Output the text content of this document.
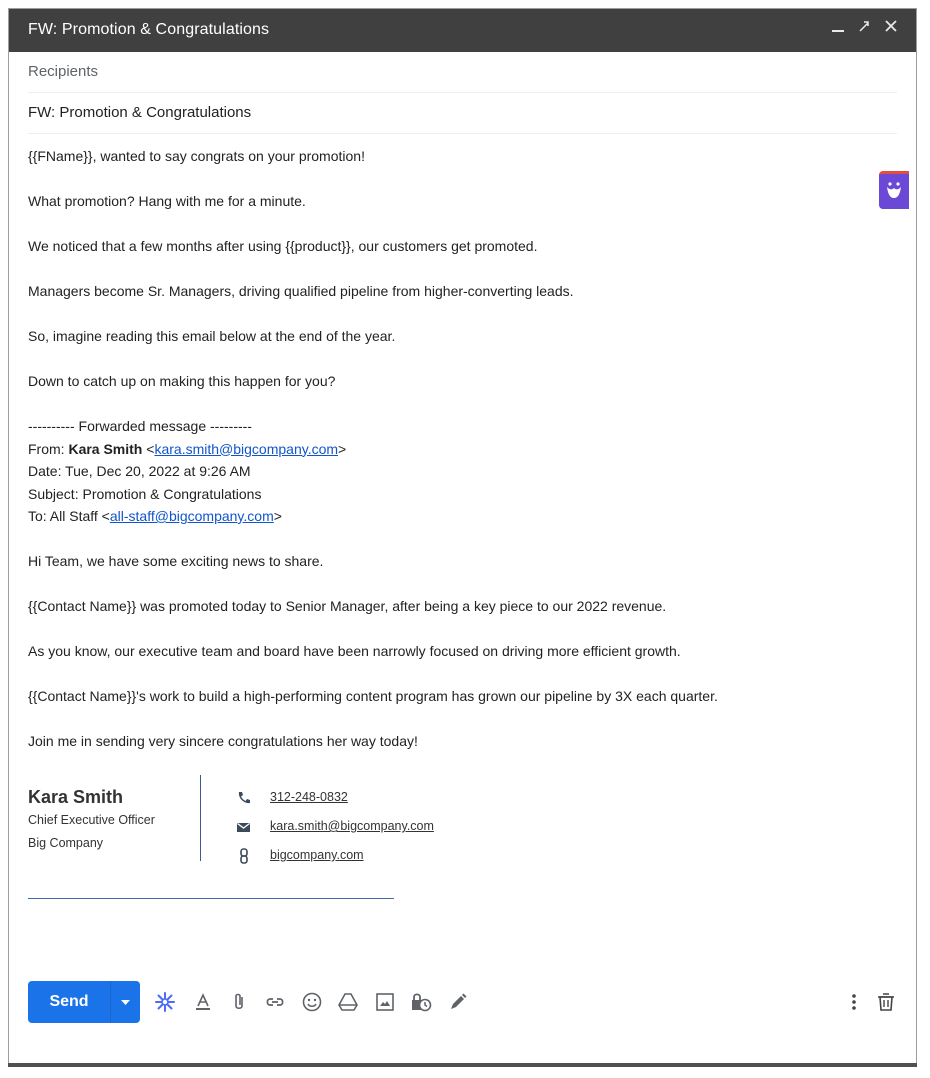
FW: Promotion & Congratulations
Recipients
FW: Promotion & Congratulations

{{FName}}, wanted to say congrats on your promotion!

What promotion? Hang with me for a minute.

We noticed that a few months after using {{product}}, our customers get promoted.

Managers become Sr. Managers, driving qualified pipeline from higher-converting leads.

So, imagine reading this email below at the end of the year.

Down to catch up on making this happen for you?

---------- Forwarded message ---------

From: Kara Smith <kara.smith@bigcompany.com>

Date: Tue, Dec 20, 2022 at 9:26 AM

Subject: Promotion & Congratulations

To: All Staff <all-staff@bigcompany.com>

Hi Team, we have some exciting news to share.

{{Contact Name}} was promoted today to Senior Manager, after being a key piece to our 2022 revenue.

As you know, our executive team and board have been narrowly focused on driving more efficient growth.

{{Contact Name}}'s work to build a high-performing content program has grown our pipeline by 3X each quarter.

Join me in sending very sincere congratulations her way today!

Kara Smith
Chief Executive Officer
Big Company
312-248-0832
kara.smith@bigcompany.com
bigcompany.com
Send
